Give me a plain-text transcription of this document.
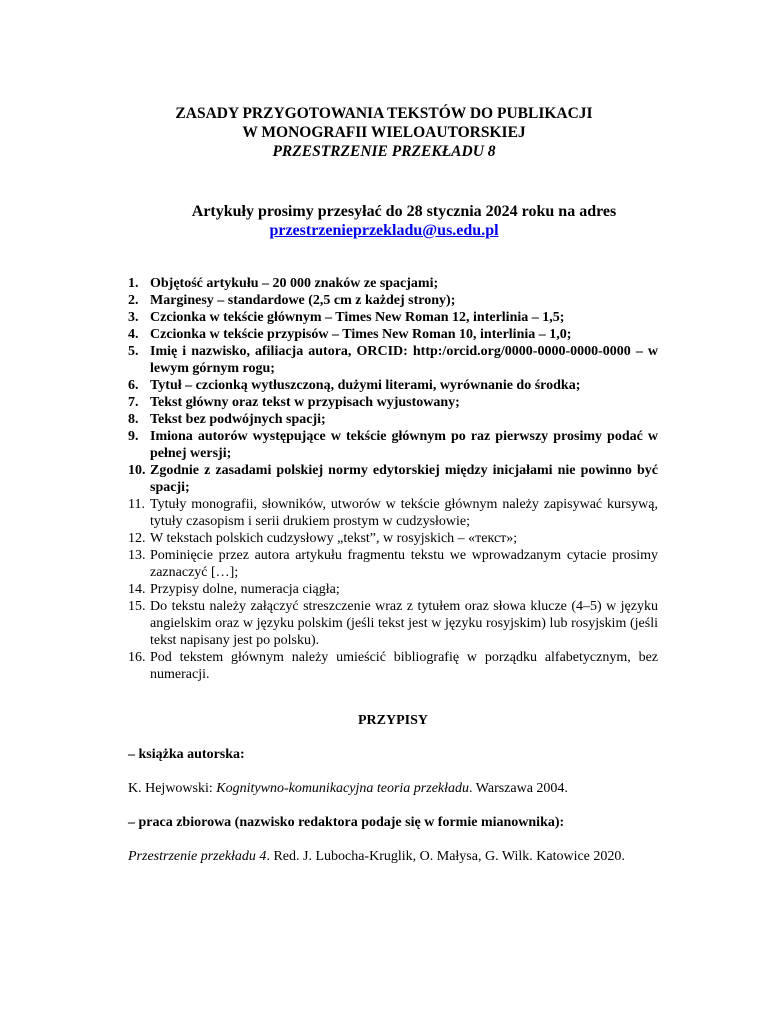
ZASADY PRZYGOTOWANIA TEKSTÓW DO PUBLIKACJI
W MONOGRAFII WIELOAUTORSKIEJ
PRZESTRZENIE PRZEKŁADU 8
Artykuły prosimy przesyłać do 28 stycznia 2024 roku na adres
przestrzenieprzekladu@us.edu.pl
1. Objętość artykułu – 20 000 znaków ze spacjami;
2. Marginesy – standardowe (2,5 cm z każdej strony);
3. Czcionka w tekście głównym – Times New Roman 12, interlinia – 1,5;
4. Czcionka w tekście przypisów – Times New Roman 10, interlinia – 1,0;
5. Imię i nazwisko, afiliacja autora, ORCID: http:/orcid.org/0000-0000-0000-0000 – w lewym górnym rogu;
6. Tytuł – czcionką wytłuszczoną, dużymi literami, wyrównanie do środka;
7. Tekst główny oraz tekst w przypisach wyjustowany;
8. Tekst bez podwójnych spacji;
9. Imiona autorów występujące w tekście głównym po raz pierwszy prosimy podać w pełnej wersji;
10. Zgodnie z zasadami polskiej normy edytorskiej między inicjałami nie powinno być spacji;
11. Tytuły monografii, słowników, utworów w tekście głównym należy zapisywać kursywą, tytuły czasopism i serii drukiem prostym w cudzysłowie;
12. W tekstach polskich cudzysłowy „tekst”, w rosyjskich – «текст»;
13. Pominięcie przez autora artykułu fragmentu tekstu we wprowadzanym cytacie prosimy zaznaczyć […];
14. Przypisy dolne, numeracja ciągła;
15. Do tekstu należy załączyć streszczenie wraz z tytułem oraz słowa klucze (4–5) w języku angielskim oraz w języku polskim (jeśli tekst jest w języku rosyjskim) lub rosyjskim (jeśli tekst napisany jest po polsku).
16. Pod tekstem głównym należy umieścić bibliografię w porządku alfabetycznym, bez numeracji.
PRZYPISY
– książka autorska:
K. Hejwowski: Kognitywno-komunikacyjna teoria przekładu. Warszawa 2004.
– praca zbiorowa (nazwisko redaktora podaje się w formie mianownika):
Przestrzenie przekładu 4. Red. J. Lubocha-Kruglik, O. Małysa, G. Wilk. Katowice 2020.
